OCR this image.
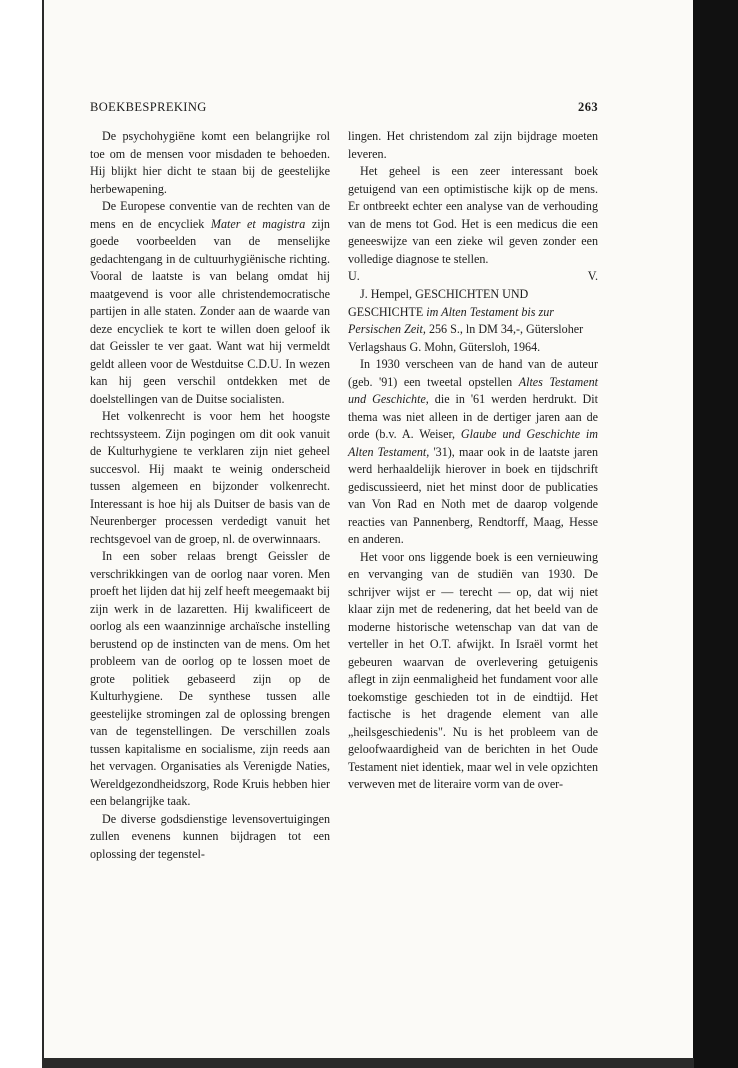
BOEKBESPREKING	263

De psychohygiëne komt een belangrijke rol toe om de mensen voor misdaden te behoeden. Hij blijkt hier dicht te staan bij de geestelijke herbewapening.

De Europese conventie van de rechten van de mens en de encycliek Mater et magistra zijn goede voorbeelden van de menselijke gedachtengang in de cultuurhygiënische richting. Vooral de laatste is van belang omdat hij maatgevend is voor alle christendemocratische partijen in alle staten. Zonder aan de waarde van deze encycliek te kort te willen doen geloof ik dat Geissler te ver gaat. Want wat hij vermeldt geldt alleen voor de Westduitse C.D.U. In wezen kan hij geen verschil ontdekken met de doelstellingen van de Duitse socialisten.

Het volkenrecht is voor hem het hoogste rechtssysteem. Zijn pogingen om dit ook vanuit de Kulturhygiene te verklaren zijn niet geheel succesvol. Hij maakt te weinig onderscheid tussen algemeen en bijzonder volkenrecht. Interessant is hoe hij als Duitser de basis van de Neurenberger processen verdedigt vanuit het rechtsgevoel van de groep, nl. de overwinnaars.

In een sober relaas brengt Geissler de verschrikkingen van de oorlog naar voren. Men proeft het lijden dat hij zelf heeft meegemaakt bij zijn werk in de lazaretten. Hij kwalificeert de oorlog als een waanzinnige archaïsche instelling berustend op de instincten van de mens. Om het probleem van de oorlog op te lossen moet de grote politiek gebaseerd zijn op de Kulturhygiene. De synthese tussen alle geestelijke stromingen zal de oplossing brengen van de tegenstellingen. De verschillen zoals tussen kapitalisme en socialisme, zijn reeds aan het vervagen. Organisaties als Verenigde Naties, Wereldgezondheidszorg, Rode Kruis hebben hier een belangrijke taak.

De diverse godsdienstige levensovertuigingen zullen evenens kunnen bijdragen tot een oplossing der tegenstel-

lingen. Het christendom zal zijn bijdrage moeten leveren.

Het geheel is een zeer interessant boek getuigend van een optimistische kijk op de mens. Er ontbreekt echter een analyse van de verhouding van de mens tot God. Het is een medicus die een geneeswijze van een zieke wil geven zonder een volledige diagnose te stellen.

U.	V.

J. Hempel, GESCHICHTEN UND GESCHICHTE im Alten Testament bis zur Persischen Zeit, 256 S., ln DM 34,-, Gütersloher Verlagshaus G. Mohn, Gütersloh, 1964.

In 1930 verscheen van de hand van de auteur (geb. '91) een tweetal opstellen Altes Testament und Geschichte, die in '61 werden herdrukt. Dit thema was niet alleen in de dertiger jaren aan de orde (b.v. A. Weiser, Glaube und Geschichte im Alten Testament, '31), maar ook in de laatste jaren werd herhaaldelijk hierover in boek en tijdschrift gediscussieerd, niet het minst door de publicaties van Von Rad en Noth met de daarop volgende reacties van Pannenberg, Rendtorff, Maag, Hesse en anderen.

Het voor ons liggende boek is een vernieuwing en vervanging van de studiën van 1930. De schrijver wijst er — terecht — op, dat wij niet klaar zijn met de redenering, dat het beeld van de moderne historische wetenschap van dat van de verteller in het O.T. afwijkt. In Israël vormt het gebeuren waarvan de overlevering getuigenis aflegt in zijn eenmaligheid het fundament voor alle toekomstige geschieden tot in de eindtijd. Het factische is het dragende element van alle „heilsgeschiedenis". Nu is het probleem van de geloofwaardigheid van de berichten in het Oude Testament niet identiek, maar wel in vele opzichten verweven met de literaire vorm van de over-
